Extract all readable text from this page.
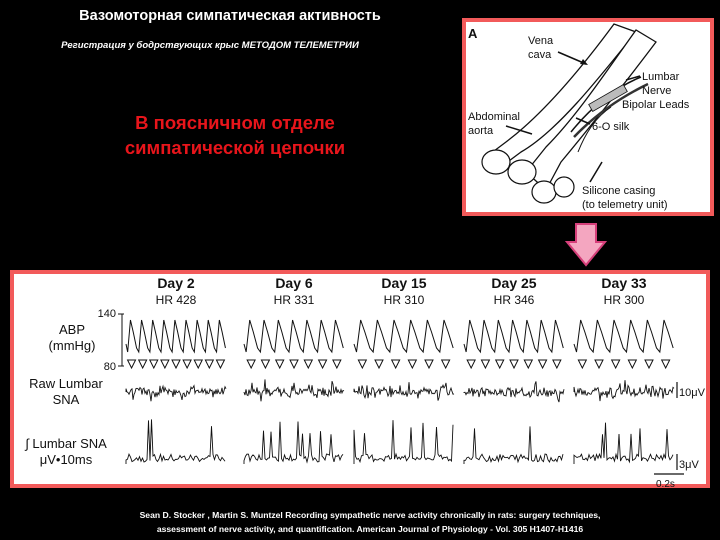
Вазомоторная симпатическая активность
Регистрация у бодрствующих крыс МЕТОДОМ ТЕЛЕМЕТРИИ
В поясничном отделе
симпатической цепочки
A	Vena
cava
Lumbar
Nerve
Bipolar Leads
Abdominal
aorta	6-O silk
Silicone casing
(to telemetry unit)
ABP
(mmHg)
Raw Lumbar
SNA
∫ Lumbar SNA
μV•10ms
140
80
10μV
3μV
0.2s
Day 2
HR 428
Day 6
HR 331
Day 15
HR 310
Day 25
HR 346
Day 33
HR 300
Sean D. Stocker , Martin S. Muntzel Recording sympathetic nerve activity chronically in rats: surgery techniques,
assessment of nerve activity, and quantification. American Journal of Physiology - Vol. 305 H1407-H1416
